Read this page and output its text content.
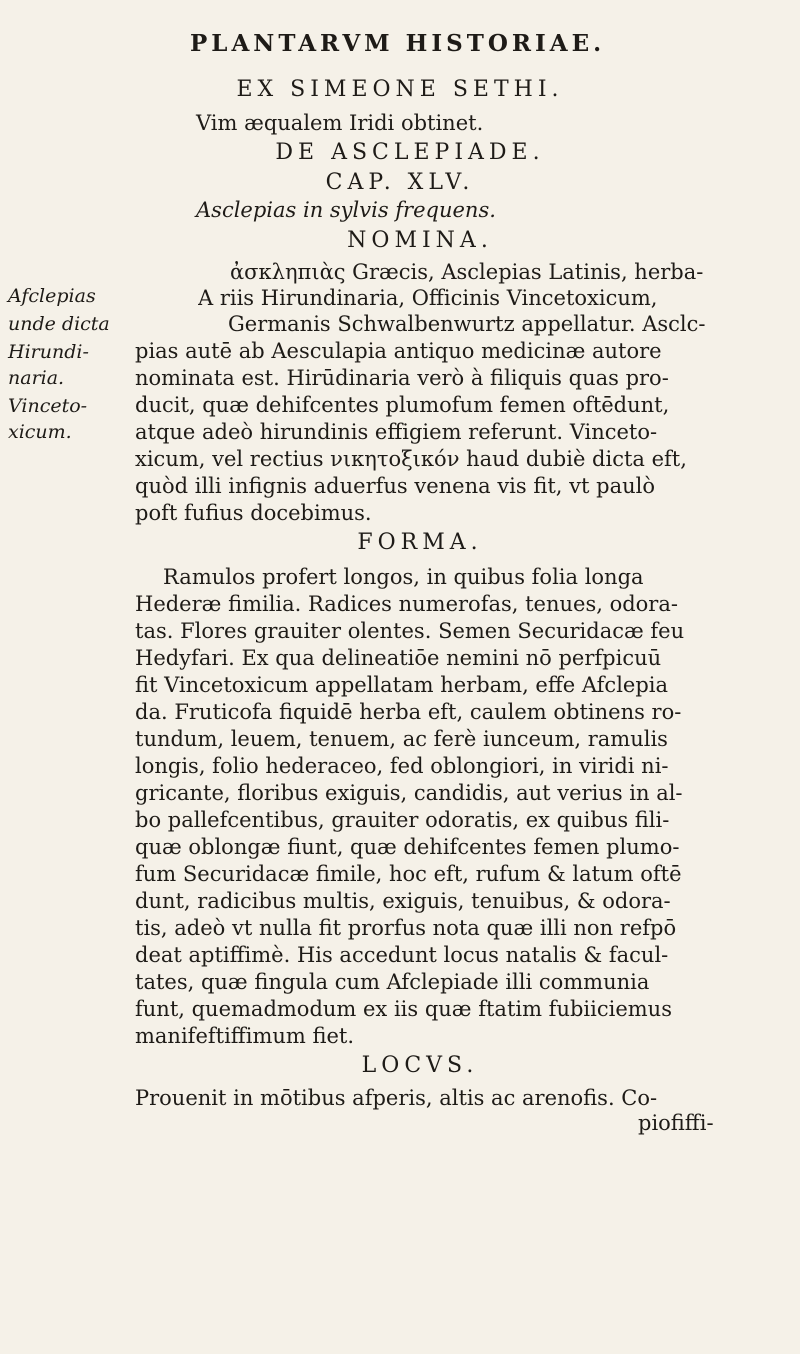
PLANTARVM HISTORIAE.
EX SIMEONE SETHI.
Vim æqualem Iridi obtinet.
DE ASCLEPIADE.
CAP. XLV.
Asclepias in sylvis frequens.
NOMINA.
Afclepias
unde dicta
Hirundi-
naria.
Vinceto-
xicum.
ἀσκληπιὰς Græcis, Asclepias Latinis, herba-
A riis Hirundinaria, Officinis Vincetoxicum,
Germanis Schwalbenwurtz appellatur. Asclc-
pias autē ab Aesculapia antiquo medicinæ autore
nominata est. Hirūdinaria verò à filiquis quas pro-
ducit, quæ dehifcentes plumofum femen oftēdunt,
atque adeò hirundinis effigiem referunt. Vinceto-
xicum, vel rectius νικητοξικόν haud dubiè dicta eft,
quòd illi infignis aduerfus venena vis fit, vt paulò
poft fufius docebimus.
FORMA.
Ramulos profert longos, in quibus folia longa
Hederæ fimilia. Radices numerofas, tenues, odora-
tas. Flores grauiter olentes. Semen Securidacæ feu
Hedyfari. Ex qua delineatiōe nemini nō perfpicuū
fit Vincetoxicum appellatam herbam, effe Afclepia
da. Fruticofa fiquidē herba eft, caulem obtinens ro-
tundum, leuem, tenuem, ac ferè iunceum, ramulis
longis, folio hederaceo, fed oblongiori, in viridi ni-
gricante, floribus exiguis, candidis, aut verius in al-
bo pallefcentibus, grauiter odoratis, ex quibus fili-
quæ oblongæ fiunt, quæ dehifcentes femen plumo-
fum Securidacæ fimile, hoc eft, rufum & latum oftē
dunt, radicibus multis, exiguis, tenuibus, & odora-
tis, adeò vt nulla fit prorfus nota quæ illi non refpō
deat aptiffimè. His accedunt locus natalis & facul-
tates, quæ fingula cum Afclepiade illi communia
funt, quemadmodum ex iis quæ ftatim fubiiciemus
manifeftiffimum fiet.
LOCVS.
Prouenit in mōtibus afperis, altis ac arenofis. Co-
piofiffi-
